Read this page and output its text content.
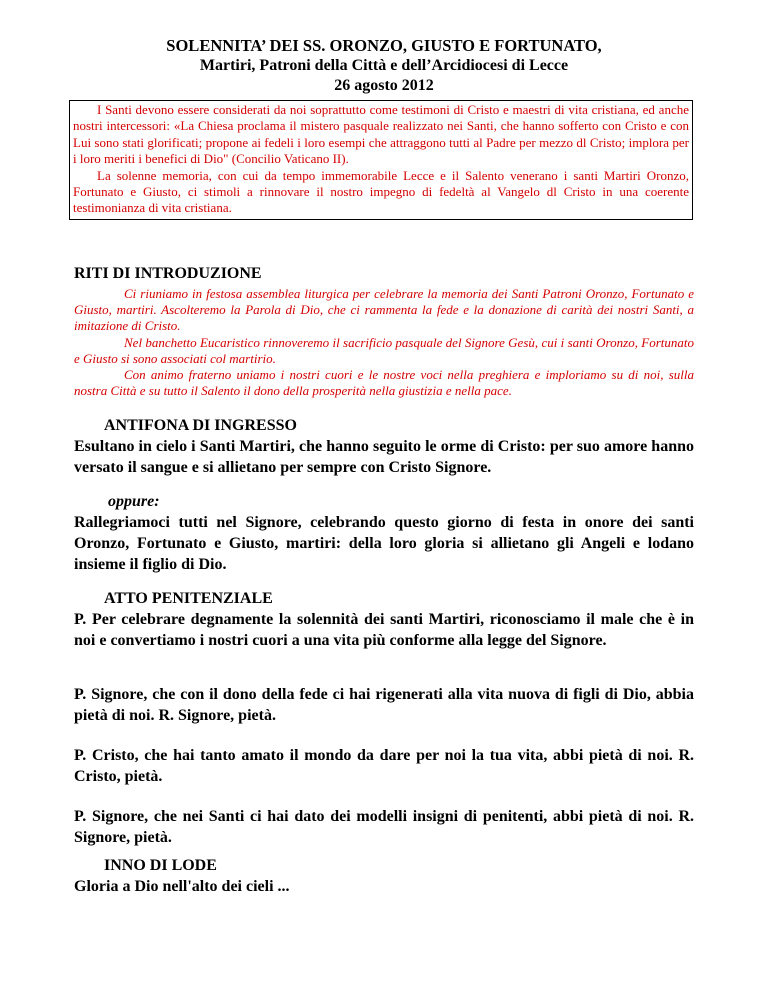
SOLENNITA’ DEI SS. ORONZO, GIUSTO E FORTUNATO,
Martiri, Patroni della Città e dell’Arcidiocesi di Lecce
26 agosto 2012

I Santi devono essere considerati da noi soprattutto come testimoni di Cristo e maestri di vita cristiana, ed anche nostri intercessori: «La Chiesa proclama il mistero pasquale realizzato nei Santi, che hanno sofferto con Cristo e con Lui sono stati glorificati; propone ai fedeli i loro esempi che attraggono tutti al Padre per mezzo dl Cristo; implora per i loro meriti i benefici di Dio" (Concilio Vaticano II).

La solenne memoria, con cui da tempo immemorabile Lecce e il Salento venerano i santi Martiri Oronzo, Fortunato e Giusto, ci stimoli a rinnovare il nostro impegno di fedeltà al Vangelo dl Cristo in una coerente testimonianza di vita cristiana.

RITI DI INTRODUZIONE

Ci riuniamo in festosa assemblea liturgica per celebrare la memoria dei Santi Patroni Oronzo, Fortunato e Giusto, martiri. Ascolteremo la Parola di Dio, che ci rammenta la fede e la donazione di carità dei nostri Santi, a imitazione di Cristo.

Nel banchetto Eucaristico rinnoveremo il sacrificio pasquale del Signore Gesù, cui i santi Oronzo, Fortunato e Giusto si sono associati col martirio.

Con animo fraterno uniamo i nostri cuori e le nostre voci nella preghiera e imploriamo su di noi, sulla nostra Città e su tutto il Salento il dono della prosperità nella giustizia e nella pace.

ANTIFONA DI INGRESSO

Esultano in cielo i Santi Martiri, che hanno seguito le orme di Cristo: per suo amore hanno versato il sangue e si allietano per sempre con Cristo Signore.

oppure:

Rallegriamoci tutti nel Signore, celebrando questo giorno di festa in onore dei santi Oronzo, Fortunato e Giusto, martiri: della loro gloria si allietano gli Angeli e lodano insieme il figlio di Dio.

ATTO PENITENZIALE

P. Per celebrare degnamente la solennità dei santi Martiri, riconosciamo il male che è in noi e convertiamo i nostri cuori a una vita più conforme alla legge del Signore.

P. Signore, che con il dono della fede ci hai rigenerati alla vita nuova di figli di Dio, abbia pietà di noi. R. Signore, pietà.

P. Cristo, che hai tanto amato il mondo da dare per noi la tua vita, abbi pietà di noi. R. Cristo, pietà.

P. Signore, che nei Santi ci hai dato dei modelli insigni di penitenti, abbi pietà di noi. R. Signore, pietà.

INNO DI LODE

Gloria a Dio nell'alto dei cieli ...
